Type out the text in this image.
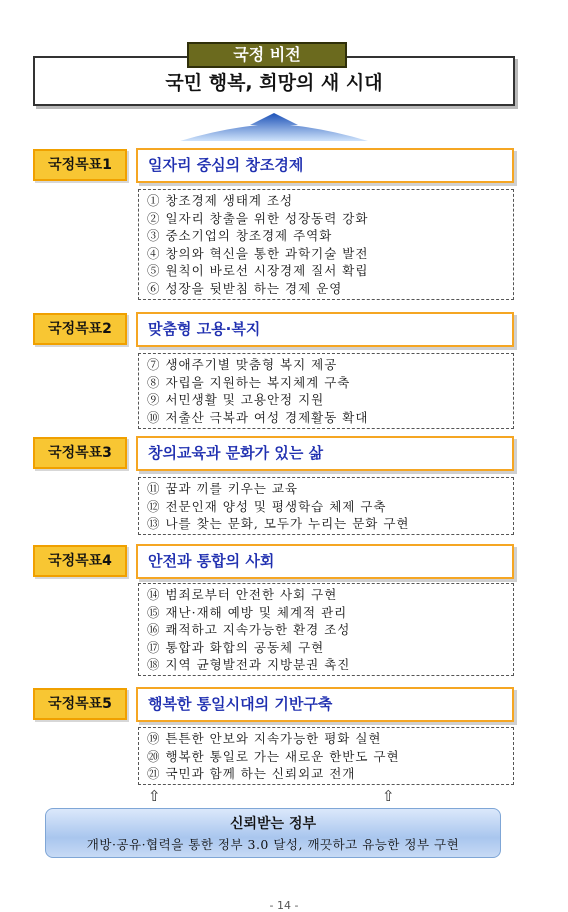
국민 행복, 희망의 새 시대
국정 비전
국정목표1	일자리 중심의 창조경제
① 창조경제 생태계 조성
② 일자리 창출을 위한 성장동력 강화
③ 중소기업의 창조경제 주역화
④ 창의와 혁신을 통한 과학기술 발전
⑤ 원칙이 바로선 시장경제 질서 확립
⑥ 성장을 뒷받침 하는 경제 운영
국정목표2	맞춤형 고용·복지
⑦ 생애주기별 맞춤형 복지 제공
⑧ 자립을 지원하는 복지체계 구축
⑨ 서민생활 및 고용안정 지원
⑩ 저출산 극복과 여성 경제활동 확대
국정목표3	창의교육과 문화가 있는 삶
⑪ 꿈과 끼를 키우는 교육
⑫ 전문인재 양성 및 평생학습 체제 구축
⑬ 나를 찾는 문화, 모두가 누리는 문화 구현
국정목표4	안전과 통합의 사회
⑭ 범죄로부터 안전한 사회 구현
⑮ 재난·재해 예방 및 체계적 관리
⑯ 쾌적하고 지속가능한 환경 조성
⑰ 통합과 화합의 공동체 구현
⑱ 지역 균형발전과 지방분권 촉진
국정목표5	행복한 통일시대의 기반구축
⑲ 튼튼한 안보와 지속가능한 평화 실현
⑳ 행복한 통일로 가는 새로운 한반도 구현
㉑ 국민과 함께 하는 신뢰외교 전개
⇧	⇧
신뢰받는 정부
개방·공유·협력을 통한 정부 3.0 달성, 깨끗하고 유능한 정부 구현
- 14 -
